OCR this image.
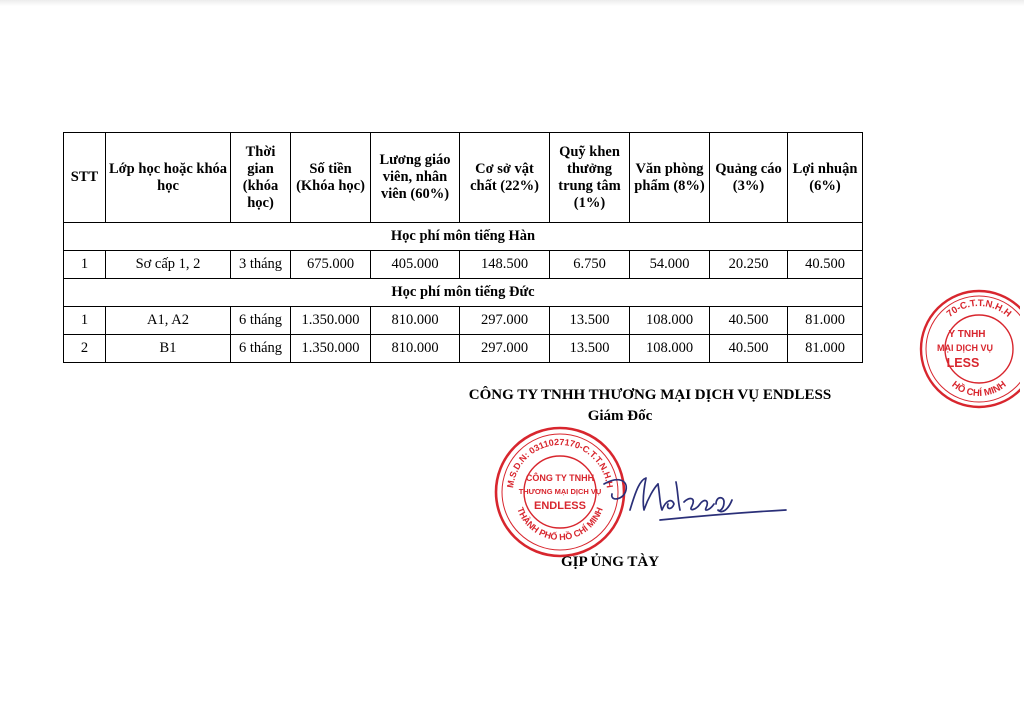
STT	Lớp học hoặc khóa học	Thời gian (khóa học)	Số tiền (Khóa học)	Lương giáo viên, nhân viên (60%)	Cơ sở vật chất (22%)	Quỹ khen thưởng trung tâm (1%)	Văn phòng phẩm (8%)	Quảng cáo (3%)	Lợi nhuận (6%)
Học phí môn tiếng Hàn									
1	Sơ cấp 1, 2	3 tháng	675.000	405.000	148.500	6.750	54.000	20.250	40.500
Học phí môn tiếng Đức									
1	A1, A2	6 tháng	1.350.000	810.000	297.000	13.500	108.000	40.500	81.000
2	B1	6 tháng	1.350.000	810.000	297.000	13.500	108.000	40.500	81.000
70-C.T.T.N.H.H
HỒ CHÍ MINH
Y TNHH
MẠI DỊCH VỤ
LESS
CÔNG TY TNHH THƯƠNG MẠI DỊCH VỤ ENDLESS
Giám Đốc
M.S.D.N: 0311027170-C.T.T.N.H.H
THÀNH PHỐ HỒ CHÍ MINH
CÔNG TY TNHH
THƯƠNG MẠI DỊCH VỤ
ENDLESS
GỊP ỦNG TÀY
